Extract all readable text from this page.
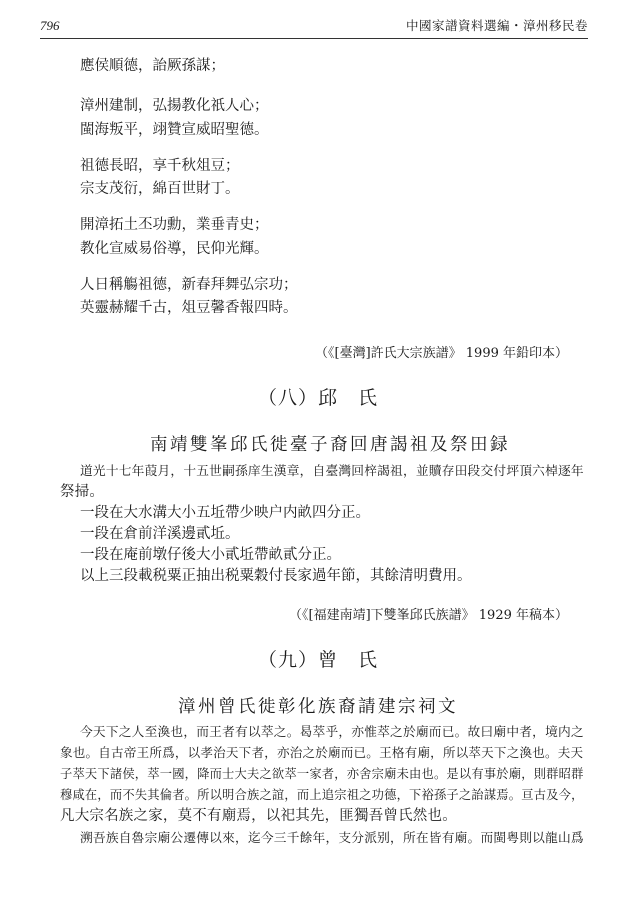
796	中國家譜資料選編・漳州移民卷
應侯順德，詒厥孫謀；
漳州建制，弘揚教化祇人心；
閩海叛平，翊贊宣威昭聖德。
祖德長昭，享千秋俎豆；
宗支茂衍，綿百世財丁。
開漳拓土丕功勳，業垂青史；
教化宣威易俗導，民仰光輝。
人日稱觴祖德，新春拜舞弘宗功；
英靈赫耀千古，俎豆馨香報四時。
（《[臺灣]許氏大宗族譜》 1999 年鉛印本）
（八）邱　氏
南靖雙峯邱氏徙臺子裔回唐謁祖及祭田録
道光十七年葭月，十五世嗣孫庠生漢章，自臺灣回梓謁祖，並贖存田段交付坪頂六棹逐年
祭掃。
一段在大水溝大小五坵帶少映户内畝四分正。
一段在倉前洋溪邊貳坵。
一段在庵前墩仔後大小貳坵帶畝貳分正。
以上三段載税粟正抽出税粟穀付長家過年節，其餘清明費用。
（《[福建南靖]下雙峯邱氏族譜》 1929 年稿本）
（九）曾　氏
漳州曾氏徙彰化族裔請建宗祠文
今天下之人至渙也，而王者有以萃之。曷萃乎，亦惟萃之於廟而已。故曰廟中者，境内之
象也。自古帝王所爲，以孝治天下者，亦治之於廟而已。王格有廟，所以萃天下之渙也。夫天
子萃天下諸侯，萃一國，降而士大夫之欲萃一家者，亦舍宗廟未由也。是以有事於廟，則群昭群
穆咸在，而不失其倫者。所以明合族之誼，而上追宗祖之功德，下裕孫子之詒謀焉。亘古及今，
凡大宗名族之家，莫不有廟焉，以祀其先，匪獨吾曾氏然也。
溯吾族自魯宗廟公遷傳以來，迄今三千餘年，支分派别，所在皆有廟。而閩粤則以龍山爲
